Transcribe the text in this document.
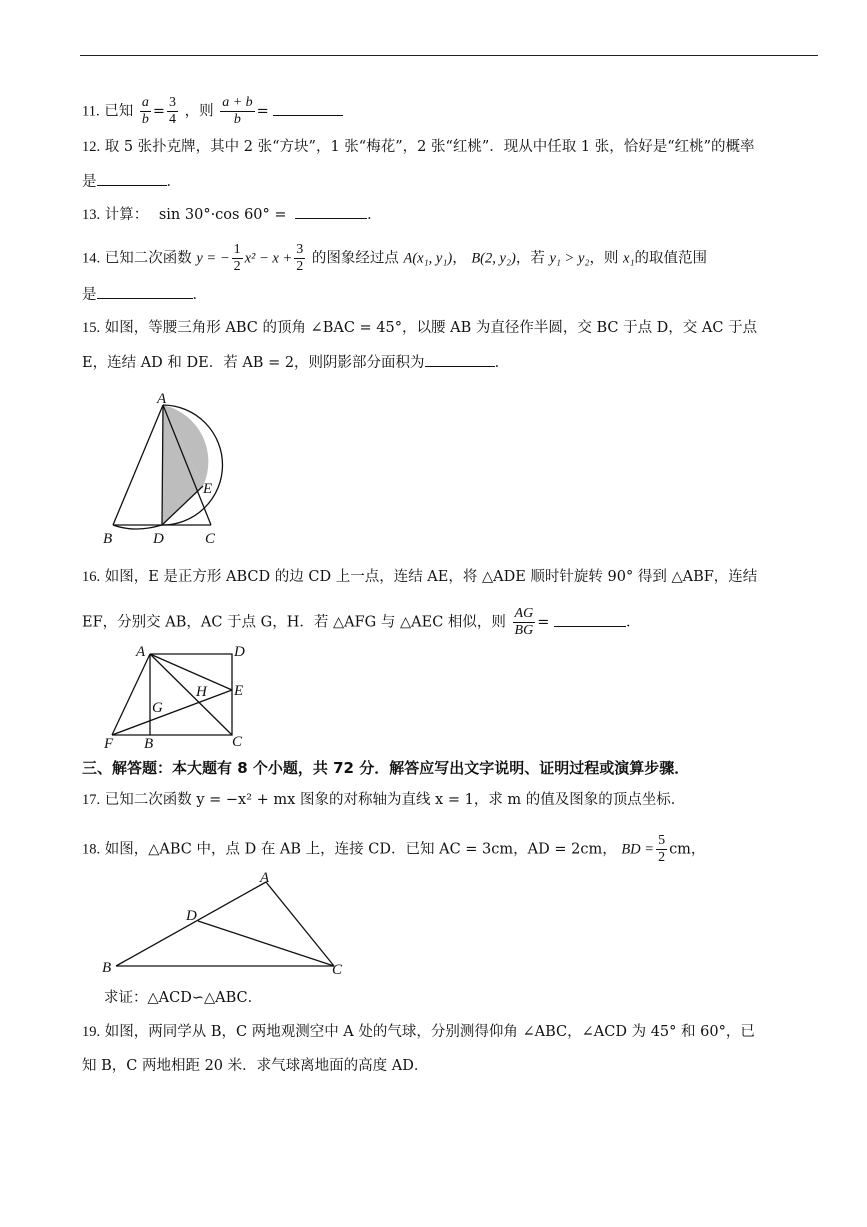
11. 已知 $\frac{a}{b} = \frac{3}{4}$ ，则 $\frac{a + b}{b}$ =
12. 取 5 张扑克牌，其中 2 张“方块”，1 张“梅花”，2 张“红桃”．现从中任取 1 张，恰好是“红桃”的概率
是	．
13. 计算： sin 30°·cos 60° =	．
14. 已知二次函数 y = − $\frac{1}{2} x^2 - x + \frac{3}{2}$ 的图象经过点 A(x₁, y₁)， B(2, y₂)，若 y₁ > y₂，则 x₁的取值范围
是	．
15. 如图，等腰三角形 ABC 的顶角 ∠BAC = 45°，以腰 AB 为直径作半圆，交 BC 于点 D，交 AC 于点
E，连结 AD 和 DE．若 AB = 2，则阴影部分面积为	．
A
B	C
D
E
16. 如图，E 是正方形 ABCD 的边 CD 上一点，连结 AE，将 △ADE 顺时针旋转 90° 得到 △ABF，连结
EF，分别交 AB，AC 于点 G，H．若 △AFG 与 △AEC 相似，则 $\frac{AG}{BG}$ =	．
A	D
E
H
G
F B	C
三、解答题：本大题有 8 个小题，共 72 分．解答应写出文字说明、证明过程或演算步骤．
17. 已知二次函数 y = −x² + mx 图象的对称轴为直线 x = 1，求 m 的值及图象的顶点坐标．
18. 如图，△ABC 中，点 D 在 AB 上，连接 CD．已知 AC = 3cm，AD = 2cm， BD = $\frac{5}{2}$ cm，
A
D
B	C
求证：△ACD∽△ABC．
19. 如图，两同学从 B，C 两地观测空中 A 处的气球，分别测得仰角 ∠ABC，∠ACD 为 45° 和 60°，已
知 B，C 两地相距 20 米．求气球离地面的高度 AD．
